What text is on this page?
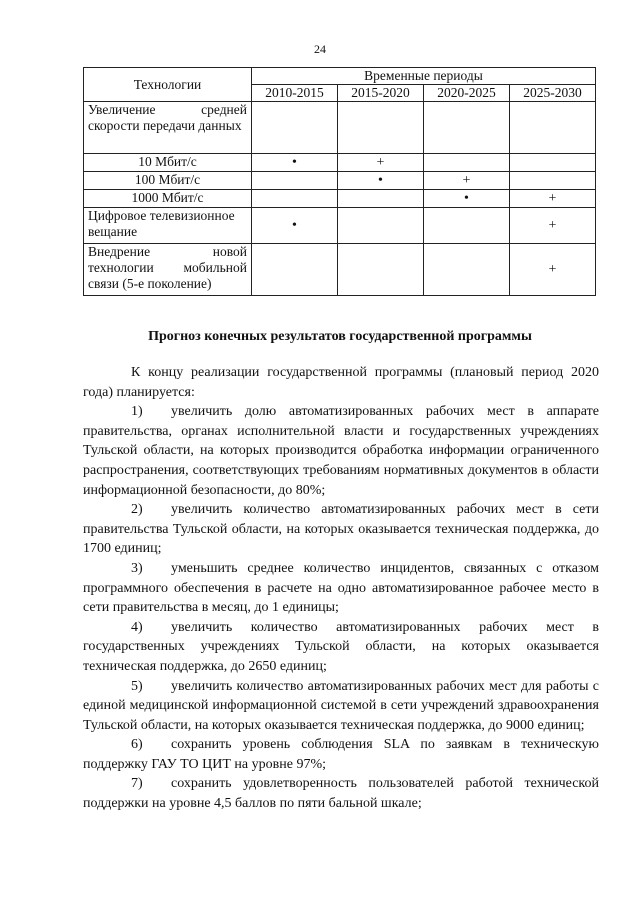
24
Технологии	Временные периоды			
	2010-2015	2015-2020	2020-2025	2025-2030
Увеличение средней скорости передачи данных				
10 Мбит/с	•	+		
100 Мбит/с		•	+	
1000 Мбит/с			•	+
Цифровое телевизионное вещание	•			+
Внедрение новой технологии мобильной связи (5-е поколение)				+
Прогноз конечных результатов государственной программы

К концу реализации государственной программы (плановый период 2020 года) планируется:

1) увеличить долю автоматизированных рабочих мест в аппарате правительства, органах исполнительной власти и государственных учреждениях Тульской области, на которых производится обработка информации ограниченного распространения, соответствующих требованиям нормативных документов в области информационной безопасности, до 80%;

2) увеличить количество автоматизированных рабочих мест в сети правительства Тульской области, на которых оказывается техническая поддержка, до 1700 единиц;

3) уменьшить среднее количество инцидентов, связанных с отказом программного обеспечения в расчете на одно автоматизированное рабочее место в сети правительства в месяц, до 1 единицы;

4) увеличить количество автоматизированных рабочих мест в государственных учреждениях Тульской области, на которых оказывается техническая поддержка, до 2650 единиц;

5) увеличить количество автоматизированных рабочих мест для работы с единой медицинской информационной системой в сети учреждений здравоохранения Тульской области, на которых оказывается техническая поддержка, до 9000 единиц;

6) сохранить уровень соблюдения SLA по заявкам в техническую поддержку ГАУ ТО ЦИТ на уровне 97%;

7) сохранить удовлетворенность пользователей работой технической поддержки на уровне 4,5 баллов по пяти бальной шкале;
